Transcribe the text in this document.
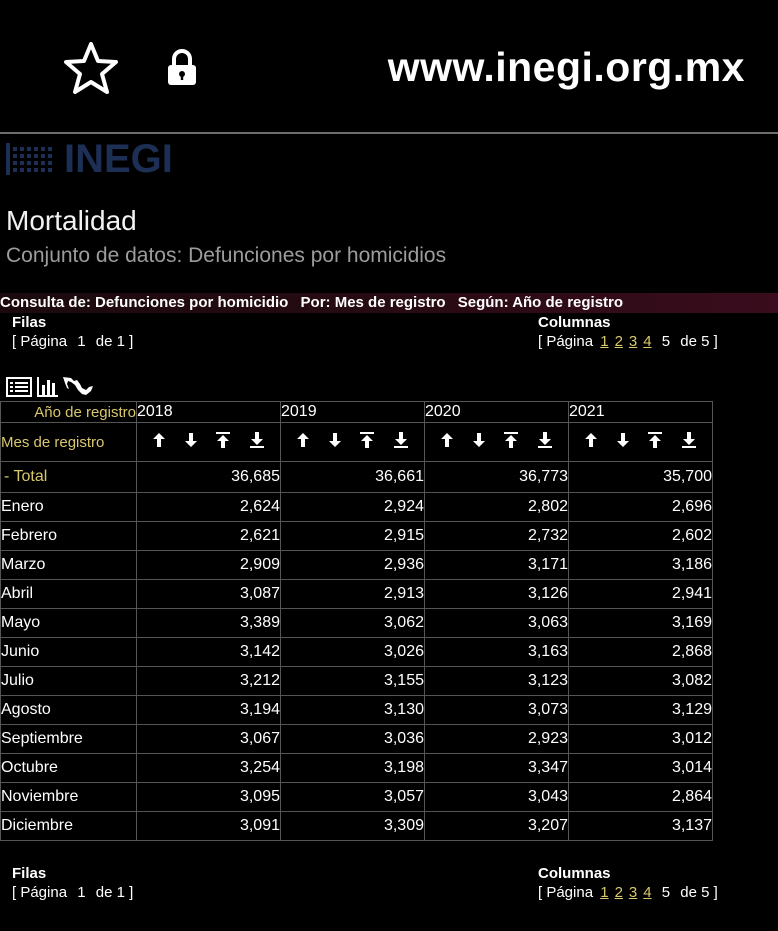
www.inegi.org.mx
INEGI
Mortalidad
Conjunto de datos: Defunciones por homicidios
Consulta de: Defunciones por homicidio Por: Mes de registro Según: Año de registro
Filas
[ Página 1 de 1 ]
Columnas
[ Página 1 2 3 4 5 de 5 ]
Año de registro	2018	2019	2020	2021
Mes de registro	

- Total	36,685	36,661	36,773	35,700
Enero	2,624	2,924	2,802	2,696
Febrero	2,621	2,915	2,732	2,602
Marzo	2,909	2,936	3,171	3,186
Abril	3,087	2,913	3,126	2,941
Mayo	3,389	3,062	3,063	3,169
Junio	3,142	3,026	3,163	2,868
Julio	3,212	3,155	3,123	3,082
Agosto	3,194	3,130	3,073	3,129
Septiembre	3,067	3,036	2,923	3,012
Octubre	3,254	3,198	3,347	3,014
Noviembre	3,095	3,057	3,043	2,864
Diciembre	3,091	3,309	3,207	3,137
Filas
[ Página 1 de 1 ]
Columnas
[ Página 1 2 3 4 5 de 5 ]
